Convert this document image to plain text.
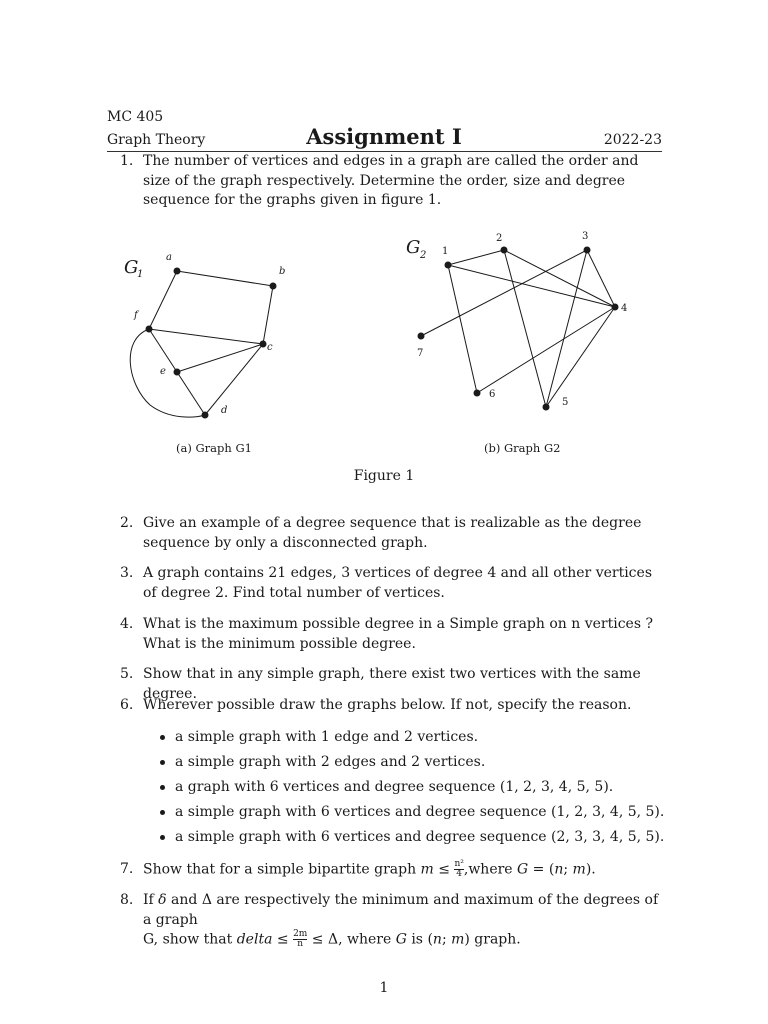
MC 405
Graph Theory	Assignment I	2022-23
1. The number of vertices and edges in a graph are called the order and size of the graph respectively. Determine the order, size and degree sequence for the graphs given in figure 1.
a
b
c
d
e
f
G
1
(a) Graph G1
1
2	3
4
5
6
7
G 2
(b) Graph G2
Figure 1
2. Give an example of a degree sequence that is realizable as the degree sequence by only a disconnected graph.
3. A graph contains 21 edges, 3 vertices of degree 4 and all other vertices of degree 2. Find total number of vertices.
4. What is the maximum possible degree in a Simple graph on n vertices ? What is the minimum possible degree.
5. Show that in any simple graph, there exist two vertices with the same degree.
6. Wherever possible draw the graphs below. If not, specify the reason.
a simple graph with 1 edge and 2 vertices.
a simple graph with 2 edges and 2 vertices.
a graph with 6 vertices and degree sequence (1, 2, 3, 4, 5, 5).
a simple graph with 6 vertices and degree sequence (1, 2, 3, 4, 5, 5).
a simple graph with 6 vertices and degree sequence (2, 3, 3, 4, 5, 5).
7. Show that for a simple bipartite graph $m \le \frac{\text{n²}}{4}$ ,where G = (n; m).
8. If δ and Δ are respectively the minimum and maximum of the degrees of a graph
G, show that delta ≤ $\frac{2m}{n} \le \Delta$, where G is (n; m) graph.
1
